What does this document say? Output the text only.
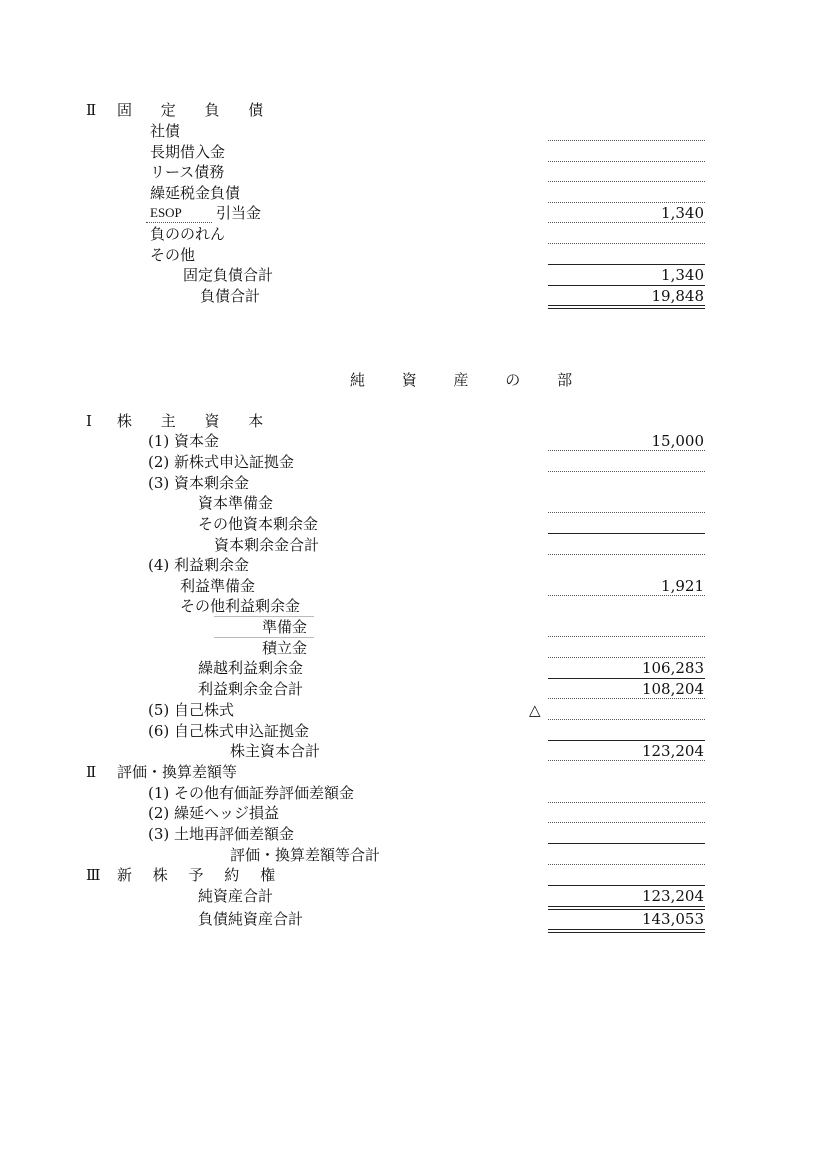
Ⅱ 固 定 負 債
社債
長期借入金
リース債務
繰延税金負債
ESOP 引当金	1,340
負ののれん
その他
固定負債合計	1,340
負債合計	19,848
純 資 産 の 部
Ⅰ 株 主 資 本
(1) 資本金	15,000
(2) 新株式申込証拠金
(3) 資本剰余金
資本準備金
その他資本剰余金
資本剰余金合計
(4) 利益剰余金
利益準備金	1,921
その他利益剰余金
準備金
積立金
繰越利益剰余金	106,283
利益剰余金合計	108,204
(5) 自己株式	△
(6) 自己株式申込証拠金
株主資本合計	123,204
Ⅱ 評価・換算差額等
(1) その他有価証券評価差額金
(2) 繰延ヘッジ損益
(3) 土地再評価差額金
評価・換算差額等合計
Ⅲ 新 株 予 約 権
純資産合計	123,204
負債純資産合計	143,053
